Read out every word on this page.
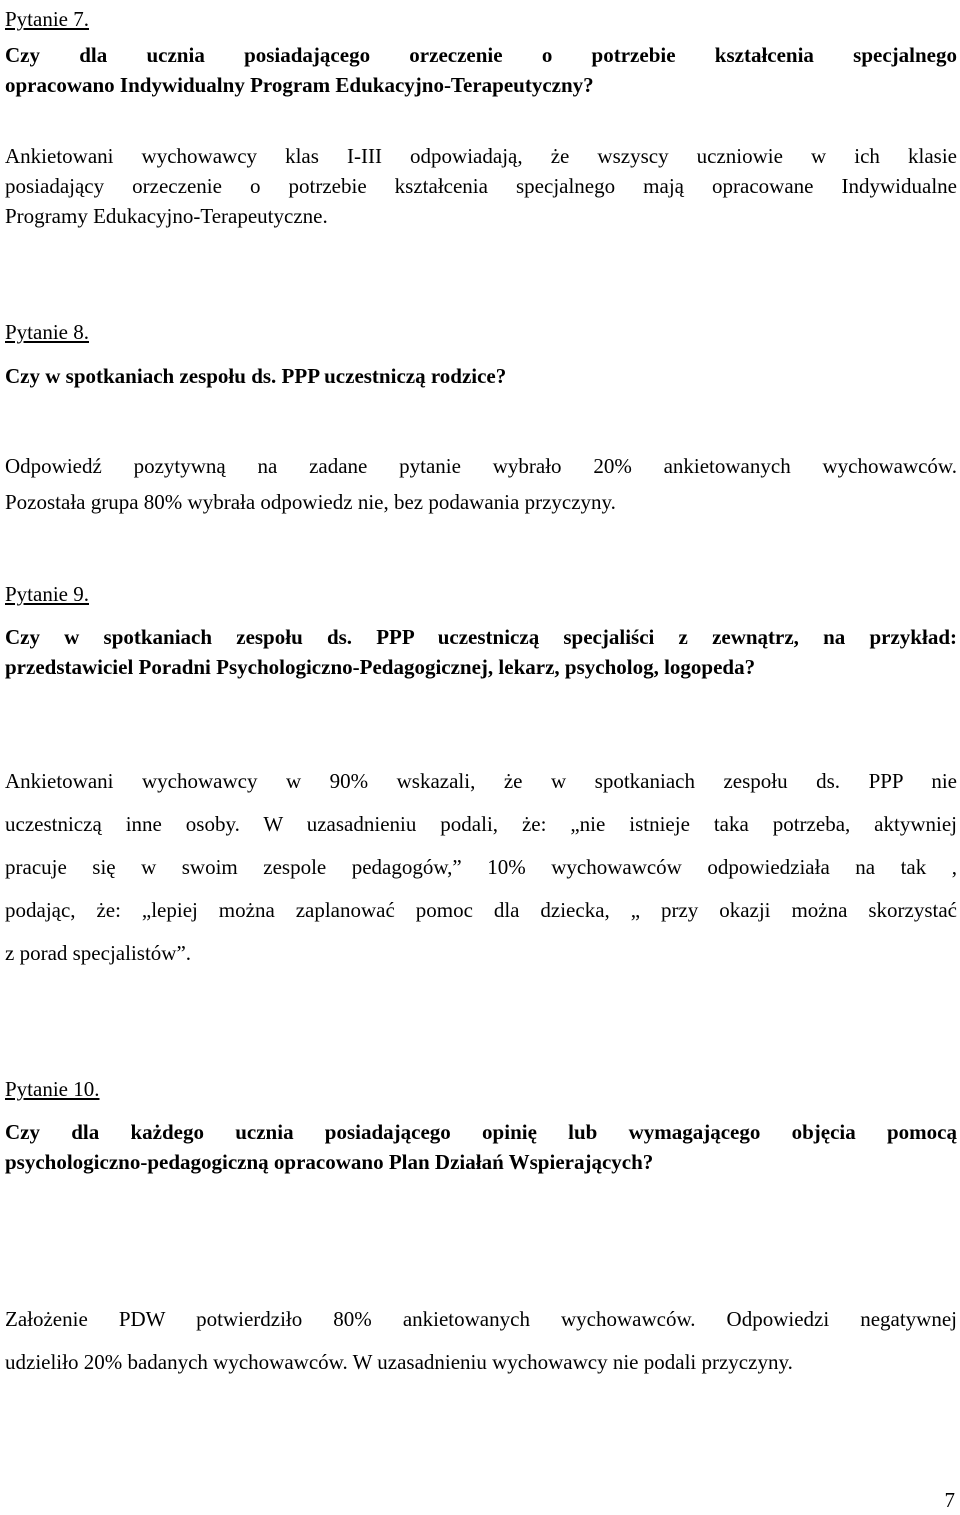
Pytanie 7.

Czy dla ucznia posiadającego orzeczenie o potrzebie kształcenia specjalnego

opracowano Indywidualny Program Edukacyjno-Terapeutyczny?

Ankietowani wychowawcy klas I-III odpowiadają, że wszyscy uczniowie w ich klasie

posiadający orzeczenie o potrzebie kształcenia specjalnego mają opracowane Indywidualne

Programy Edukacyjno-Terapeutyczne.

Pytanie 8.

Czy w spotkaniach zespołu ds. PPP uczestniczą rodzice?

Odpowiedź pozytywną na zadane pytanie wybrało 20% ankietowanych wychowawców.

Pozostała grupa 80% wybrała odpowiedz nie, bez podawania przyczyny.

Pytanie 9.

Czy w spotkaniach zespołu ds. PPP uczestniczą specjaliści z zewnątrz, na przykład:

przedstawiciel Poradni Psychologiczno-Pedagogicznej, lekarz, psycholog, logopeda?

Ankietowani wychowawcy w 90% wskazali, że w spotkaniach zespołu ds. PPP nie

uczestniczą inne osoby. W uzasadnieniu podali, że: „nie istnieje taka potrzeba, aktywniej

pracuje się w swoim zespole pedagogów,” 10% wychowawców odpowiedziała na tak ,

podając, że: „lepiej można zaplanować pomoc dla dziecka, „ przy okazji można skorzystać

z porad specjalistów”.

Pytanie 10.

Czy dla każdego ucznia posiadającego opinię lub wymagającego objęcia pomocą

psychologiczno-pedagogiczną opracowano Plan Działań Wspierających?

Założenie PDW potwierdziło 80% ankietowanych wychowawców. Odpowiedzi negatywnej

udzieliło 20% badanych wychowawców. W uzasadnieniu wychowawcy nie podali przyczyny.

7
